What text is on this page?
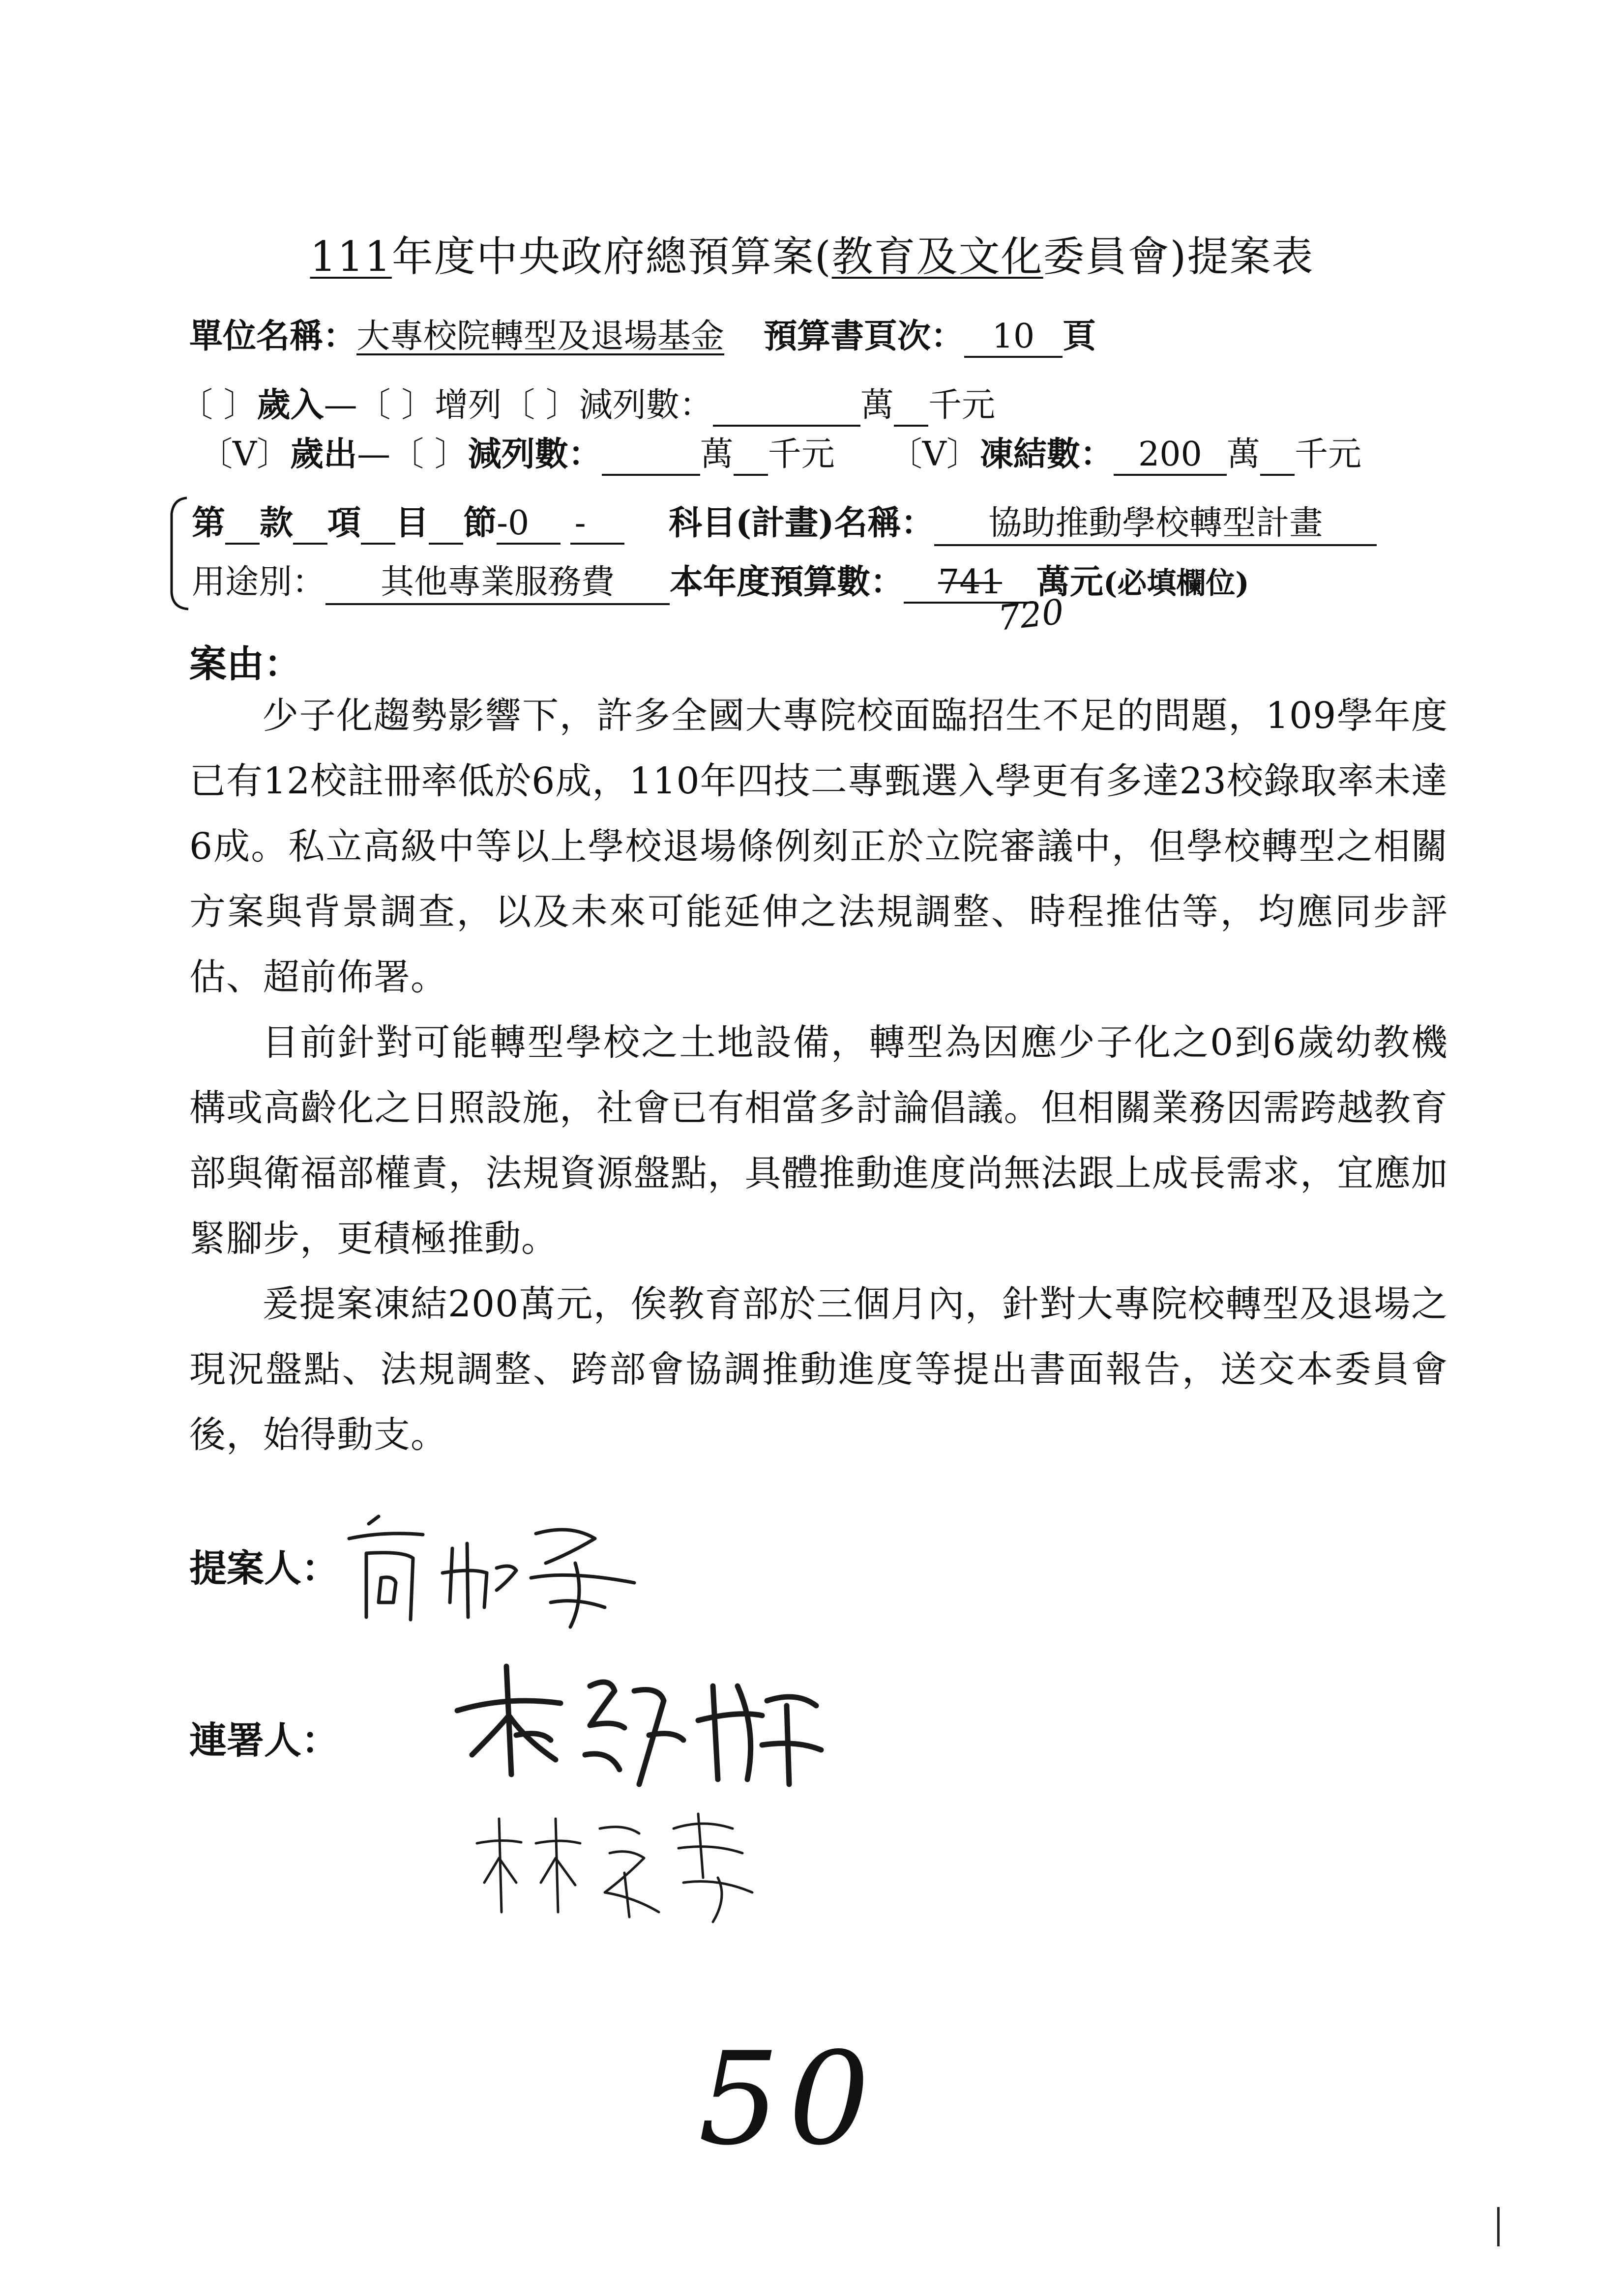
111年度中央政府總預算案(教育及文化委員會)提案表
單位名稱：大專校院轉型及退場基金 預算書頁次： 10 頁
〔 〕歲入—〔 〕增列〔 〕減列數：	萬 千元
〔V〕歲出—〔 〕減列數：	萬 千元 〔V〕凍結數： 200 萬 千元
第 款 項 目 節-0 - 科目(計畫)名稱： 協助推動學校轉型計畫
用途別： 其他專業服務費 本年度預算數： 741 萬元(必填欄位)
720
案由：

少子化趨勢影響下，許多全國大專院校面臨招生不足的問題，109學年度已有12校註冊率低於6成，110年四技二專甄選入學更有多達23校錄取率未達6成。私立高級中等以上學校退場條例刻正於立院審議中，但學校轉型之相關方案與背景調查，以及未來可能延伸之法規調整、時程推估等，均應同步評估、超前佈署。

目前針對可能轉型學校之土地設備，轉型為因應少子化之0到6歲幼教機構或高齡化之日照設施，社會已有相當多討論倡議。但相關業務因需跨越教育部與衛福部權責，法規資源盤點，具體推動進度尚無法跟上成長需求，宜應加緊腳步，更積極推動。

爰提案凍結200萬元，俟教育部於三個月內，針對大專院校轉型及退場之現況盤點、法規調整、跨部會協調推動進度等提出書面報告，送交本委員會後，始得動支。

提案人：
連署人：
50
